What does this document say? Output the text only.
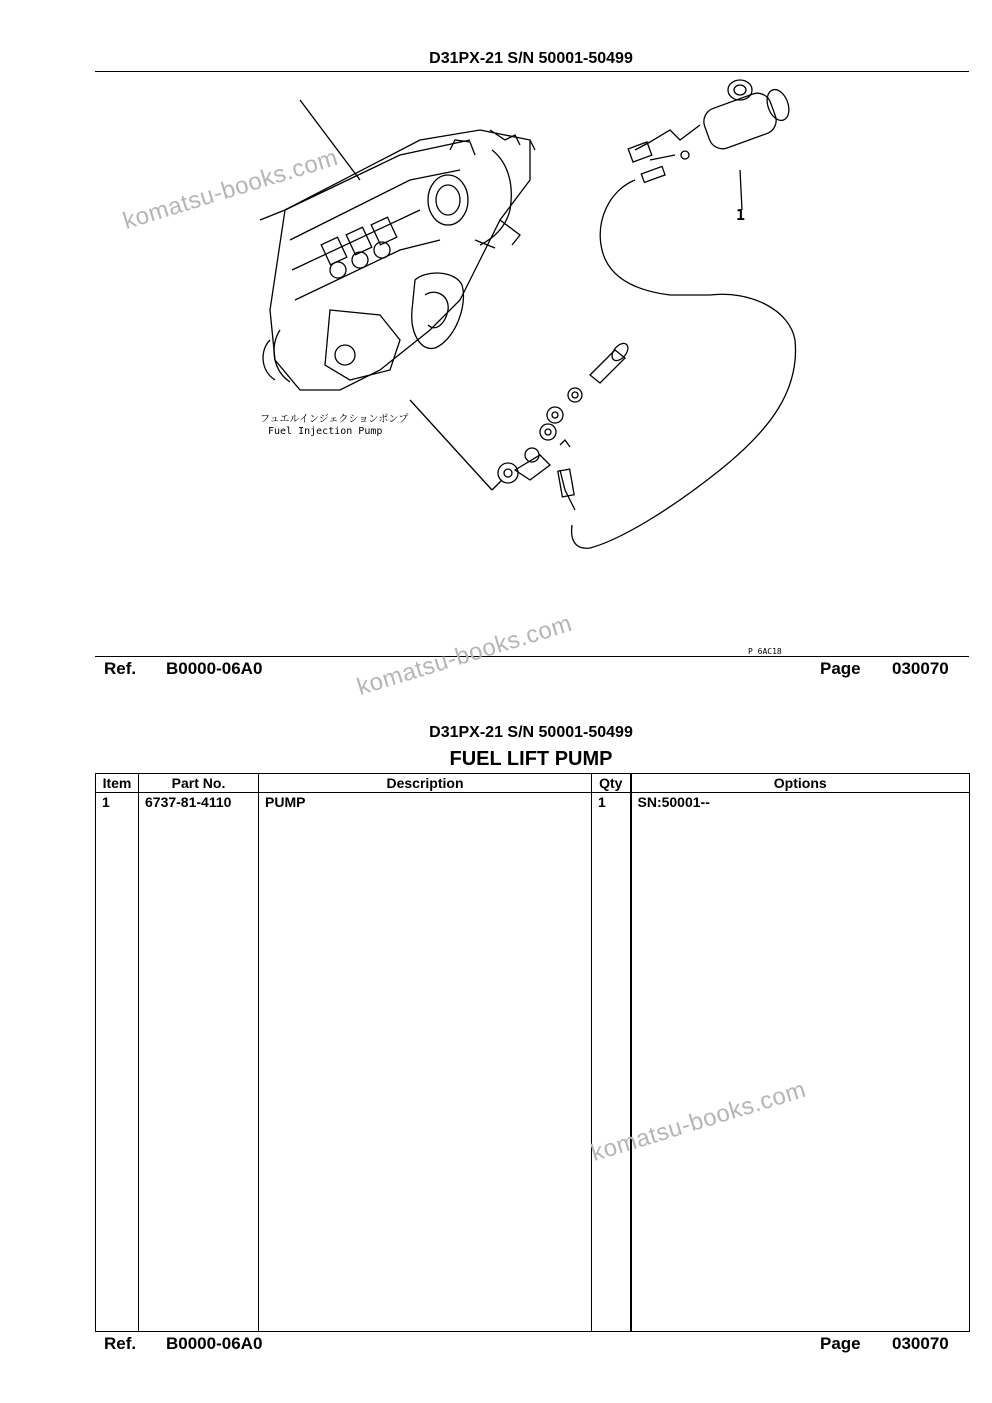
D31PX-21 S/N 50001-50499
1
フュエルインジェクションポンプ
Fuel Injection Pump
P 6AC18
Ref. B0000-06A0	Page 030070
D31PX-21 S/N 50001-50499
FUEL LIFT PUMP
Item	Part No.	Description	Qty	Options
1	6737-81-4110	PUMP	1	SN:50001--

Ref. B0000-06A0	Page 030070
komatsu-books.com
komatsu-books.com
komatsu-books.com
